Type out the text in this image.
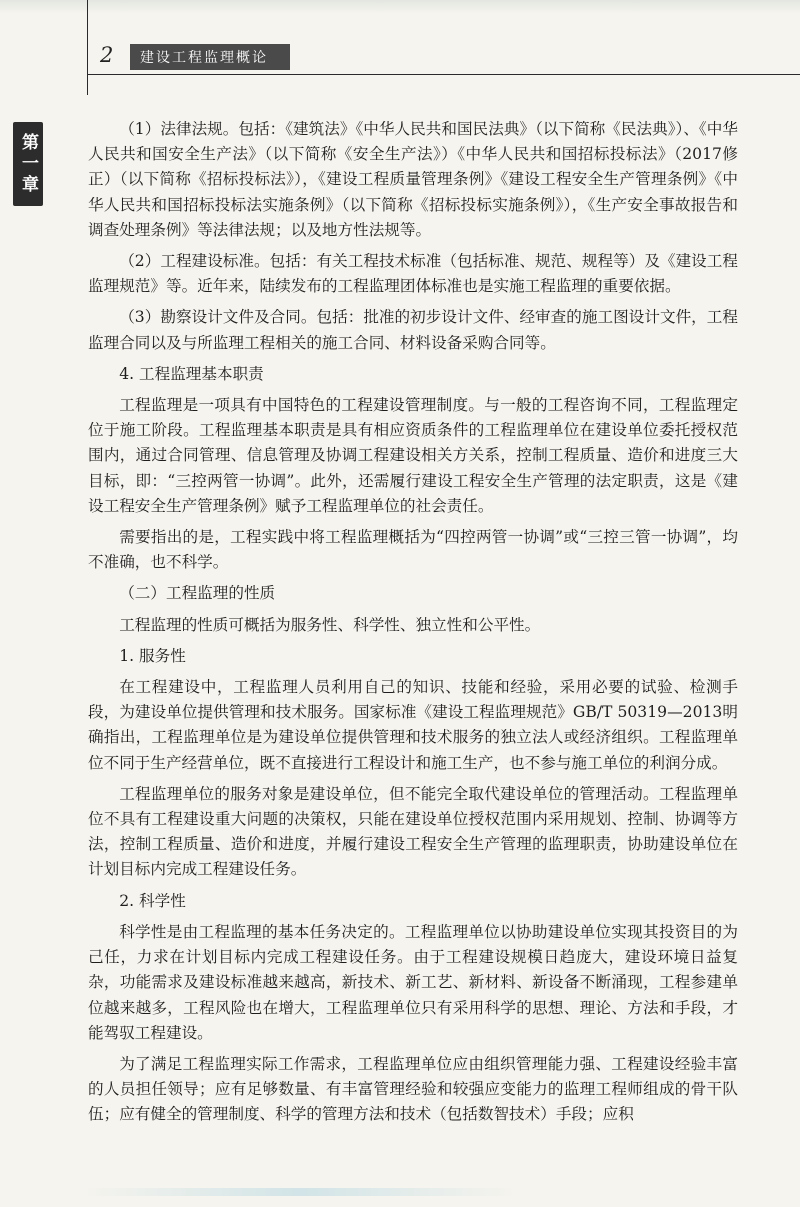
2 建设工程监理概论
第一章

（1）法律法规。包括：《建筑法》《中华人民共和国民法典》（以下简称《民法典》）、《中华人民共和国安全生产法》（以下简称《安全生产法》）《中华人民共和国招标投标法》（2017修正）（以下简称《招标投标法》），《建设工程质量管理条例》《建设工程安全生产管理条例》《中华人民共和国招标投标法实施条例》（以下简称《招标投标实施条例》），《生产安全事故报告和调查处理条例》等法律法规；以及地方性法规等。

（2）工程建设标准。包括：有关工程技术标准（包括标准、规范、规程等）及《建设工程监理规范》等。近年来，陆续发布的工程监理团体标准也是实施工程监理的重要依据。

（3）勘察设计文件及合同。包括：批准的初步设计文件、经审查的施工图设计文件，工程监理合同以及与所监理工程相关的施工合同、材料设备采购合同等。

4. 工程监理基本职责

工程监理是一项具有中国特色的工程建设管理制度。与一般的工程咨询不同，工程监理定位于施工阶段。工程监理基本职责是具有相应资质条件的工程监理单位在建设单位委托授权范围内，通过合同管理、信息管理及协调工程建设相关方关系，控制工程质量、造价和进度三大目标，即：“三控两管一协调”。此外，还需履行建设工程安全生产管理的法定职责，这是《建设工程安全生产管理条例》赋予工程监理单位的社会责任。

需要指出的是，工程实践中将工程监理概括为“四控两管一协调”或“三控三管一协调”，均不准确，也不科学。

（二）工程监理的性质

工程监理的性质可概括为服务性、科学性、独立性和公平性。

1. 服务性

在工程建设中，工程监理人员利用自己的知识、技能和经验，采用必要的试验、检测手段，为建设单位提供管理和技术服务。国家标准《建设工程监理规范》GB/T 50319—2013明确指出，工程监理单位是为建设单位提供管理和技术服务的独立法人或经济组织。工程监理单位不同于生产经营单位，既不直接进行工程设计和施工生产，也不参与施工单位的利润分成。

工程监理单位的服务对象是建设单位，但不能完全取代建设单位的管理活动。工程监理单位不具有工程建设重大问题的决策权，只能在建设单位授权范围内采用规划、控制、协调等方法，控制工程质量、造价和进度，并履行建设工程安全生产管理的监理职责，协助建设单位在计划目标内完成工程建设任务。

2. 科学性

科学性是由工程监理的基本任务决定的。工程监理单位以协助建设单位实现其投资目的为己任，力求在计划目标内完成工程建设任务。由于工程建设规模日趋庞大，建设环境日益复杂，功能需求及建设标准越来越高，新技术、新工艺、新材料、新设备不断涌现，工程参建单位越来越多，工程风险也在增大，工程监理单位只有采用科学的思想、理论、方法和手段，才能驾驭工程建设。

为了满足工程监理实际工作需求，工程监理单位应由组织管理能力强、工程建设经验丰富的人员担任领导；应有足够数量、有丰富管理经验和较强应变能力的监理工程师组成的骨干队伍；应有健全的管理制度、科学的管理方法和技术（包括数智技术）手段；应积
